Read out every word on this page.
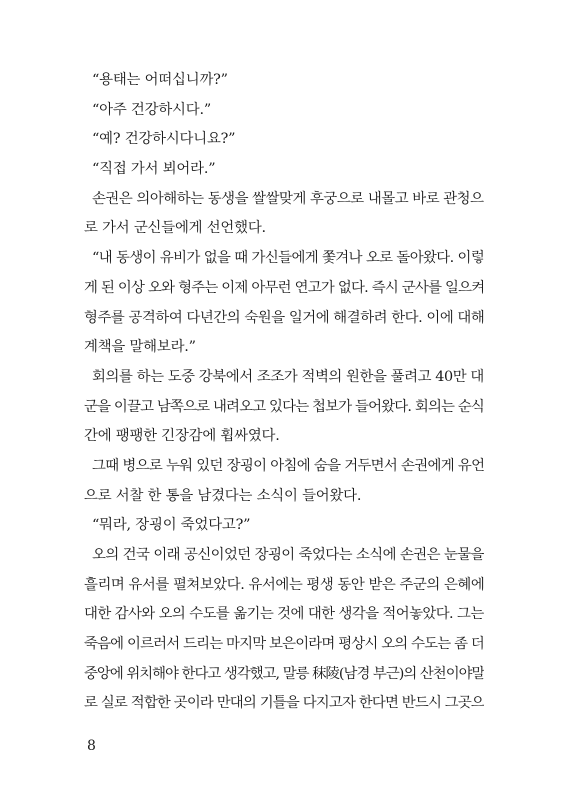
“용태는 어떠십니까?”
“아주 건강하시다.”
“예? 건강하시다니요?”
“직접 가서 뵈어라.”
손권은 의아해하는 동생을 쌀쌀맞게 후궁으로 내몰고 바로 관청으
로 가서 군신들에게 선언했다.
“내 동생이 유비가 없을 때 가신들에게 쫓겨나 오로 돌아왔다. 이렇
게 된 이상 오와 형주는 이제 아무런 연고가 없다. 즉시 군사를 일으켜
형주를 공격하여 다년간의 숙원을 일거에 해결하려 한다. 이에 대해
계책을 말해보라.”
회의를 하는 도중 강북에서 조조가 적벽의 원한을 풀려고 40만 대
군을 이끌고 남쪽으로 내려오고 있다는 첩보가 들어왔다. 회의는 순식
간에 팽팽한 긴장감에 휩싸였다.
그때 병으로 누워 있던 장굉이 아침에 숨을 거두면서 손권에게 유언
으로 서찰 한 통을 남겼다는 소식이 들어왔다.
“뭐라, 장굉이 죽었다고?”
오의 건국 이래 공신이었던 장굉이 죽었다는 소식에 손권은 눈물을
흘리며 유서를 펼쳐보았다. 유서에는 평생 동안 받은 주군의 은혜에
대한 감사와 오의 수도를 옮기는 것에 대한 생각을 적어놓았다. 그는
죽음에 이르러서 드리는 마지막 보은이라며 평상시 오의 수도는 좀 더
중앙에 위치해야 한다고 생각했고, 말릉 秣陵(남경 부근)의 산천이야말
로 실로 적합한 곳이라 만대의 기틀을 다지고자 한다면 반드시 그곳으
8
